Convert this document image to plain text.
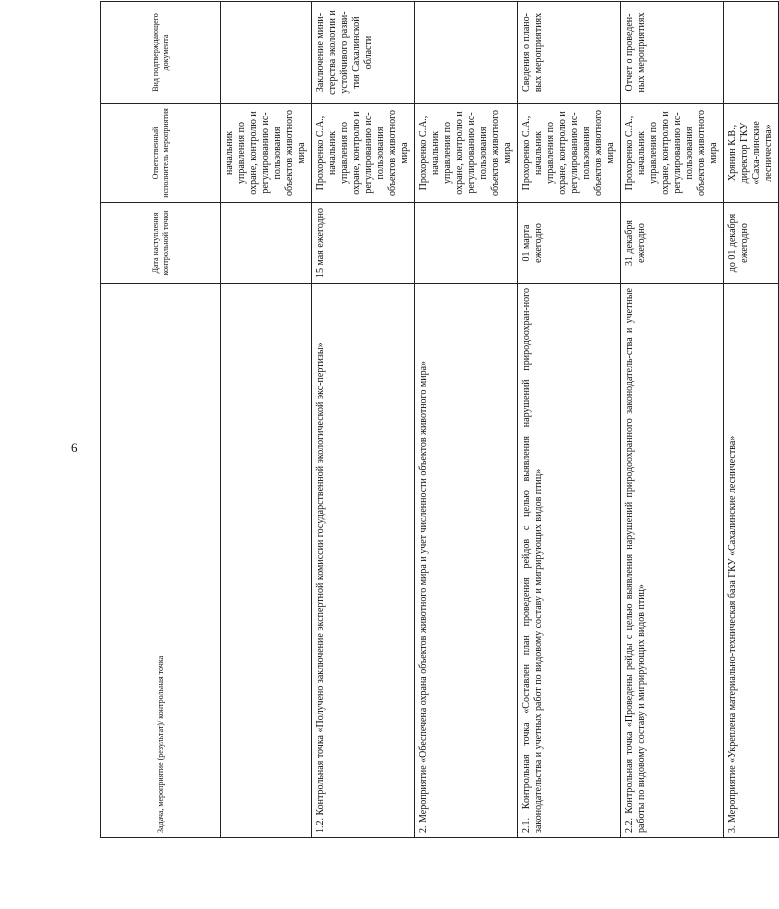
6
Задача, мероприятие (результат)/ контрольная точка	Дата наступления контрольной точки	Ответственный исполнитель мероприятия	Вид подтверждающего документа
		начальник управления по охране, контролю и регулированию ис-пользования объектов животного мира	
1.2. Контрольная точка «Получено заключение экспертной комиссии государственной экологической экс-пертизы»	15 мая ежегодно	Прохоренко С.А., начальник управления по охране, контролю и регулированию ис-пользования объектов животного мира	Заключение мини-стерства экологии и устойчивого разви-тия Сахалинской области
2. Мероприятие «Обеспечена охрана объектов животного мира и учет численности объектов животного мира»		Прохоренко С.А., начальник управления по охране, контролю и регулированию ис-пользования объектов животного мира	
2.1. Контрольная точка «Составлен план проведения рейдов с целью выявления нарушений природоохран-ного законодательства и учетных работ по видовому составу и мигрирующих видов птиц»	01 марта ежегодно	Прохоренко С.А., начальник управления по охране, контролю и регулированию ис-пользования объектов животного мира	Сведения о плано-вых мероприятиях
2.2. Контрольная точка «Проведены рейды с целью выявления нарушений природоохранного законодатель-ства и учетные работы по видовому составу и мигрирующих видов птиц»	31 декабря ежегодно	Прохоренко С.А., начальник управления по охране, контролю и регулированию ис-пользования объектов животного мира	Отчет о проведен-ных мероприятиях
3. Мероприятие «Укреплена материально-техническая база ГКУ «Сахалинские лесничества»	до 01 декабря ежегодно	Хрянин К.В., директор ГКУ «Саха-линские лесничества»	
